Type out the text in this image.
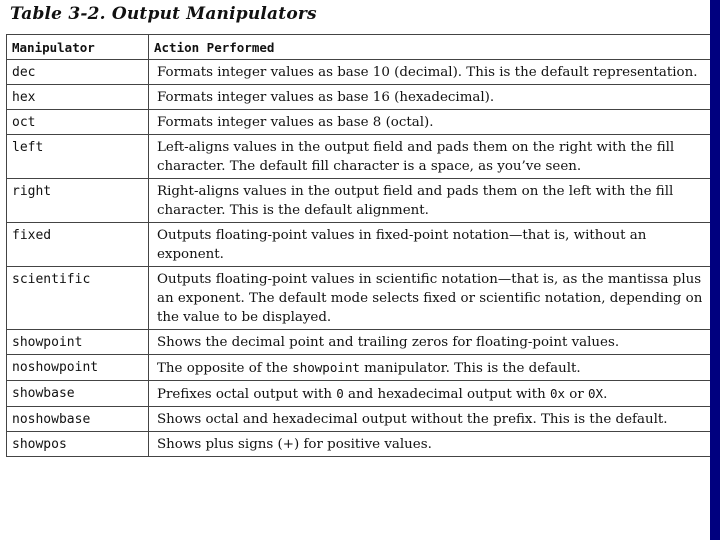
Table 3-2. Output Manipulators
Manipulator	Action Performed
dec	Formats integer values as base 10 (decimal). This is the default representation.
hex	Formats integer values as base 16 (hexadecimal).
oct	Formats integer values as base 8 (octal).
left	Left-aligns values in the output field and pads them on the right with the fill character. The default fill character is a space, as you’ve seen.
right	Right-aligns values in the output field and pads them on the left with the fill character. This is the default alignment.
fixed	Outputs floating-point values in fixed-point notation—that is, without an exponent.
scientific	Outputs floating-point values in scientific notation—that is, as the mantissa plus an exponent. The default mode selects fixed or scientific notation, depending on the value to be displayed.
showpoint	Shows the decimal point and trailing zeros for floating-point values.
noshowpoint	The opposite of the showpoint manipulator. This is the default.
showbase	Prefixes octal output with 0 and hexadecimal output with 0x or 0X.
noshowbase	Shows octal and hexadecimal output without the prefix. This is the default.
showpos	Shows plus signs (+) for positive values.
